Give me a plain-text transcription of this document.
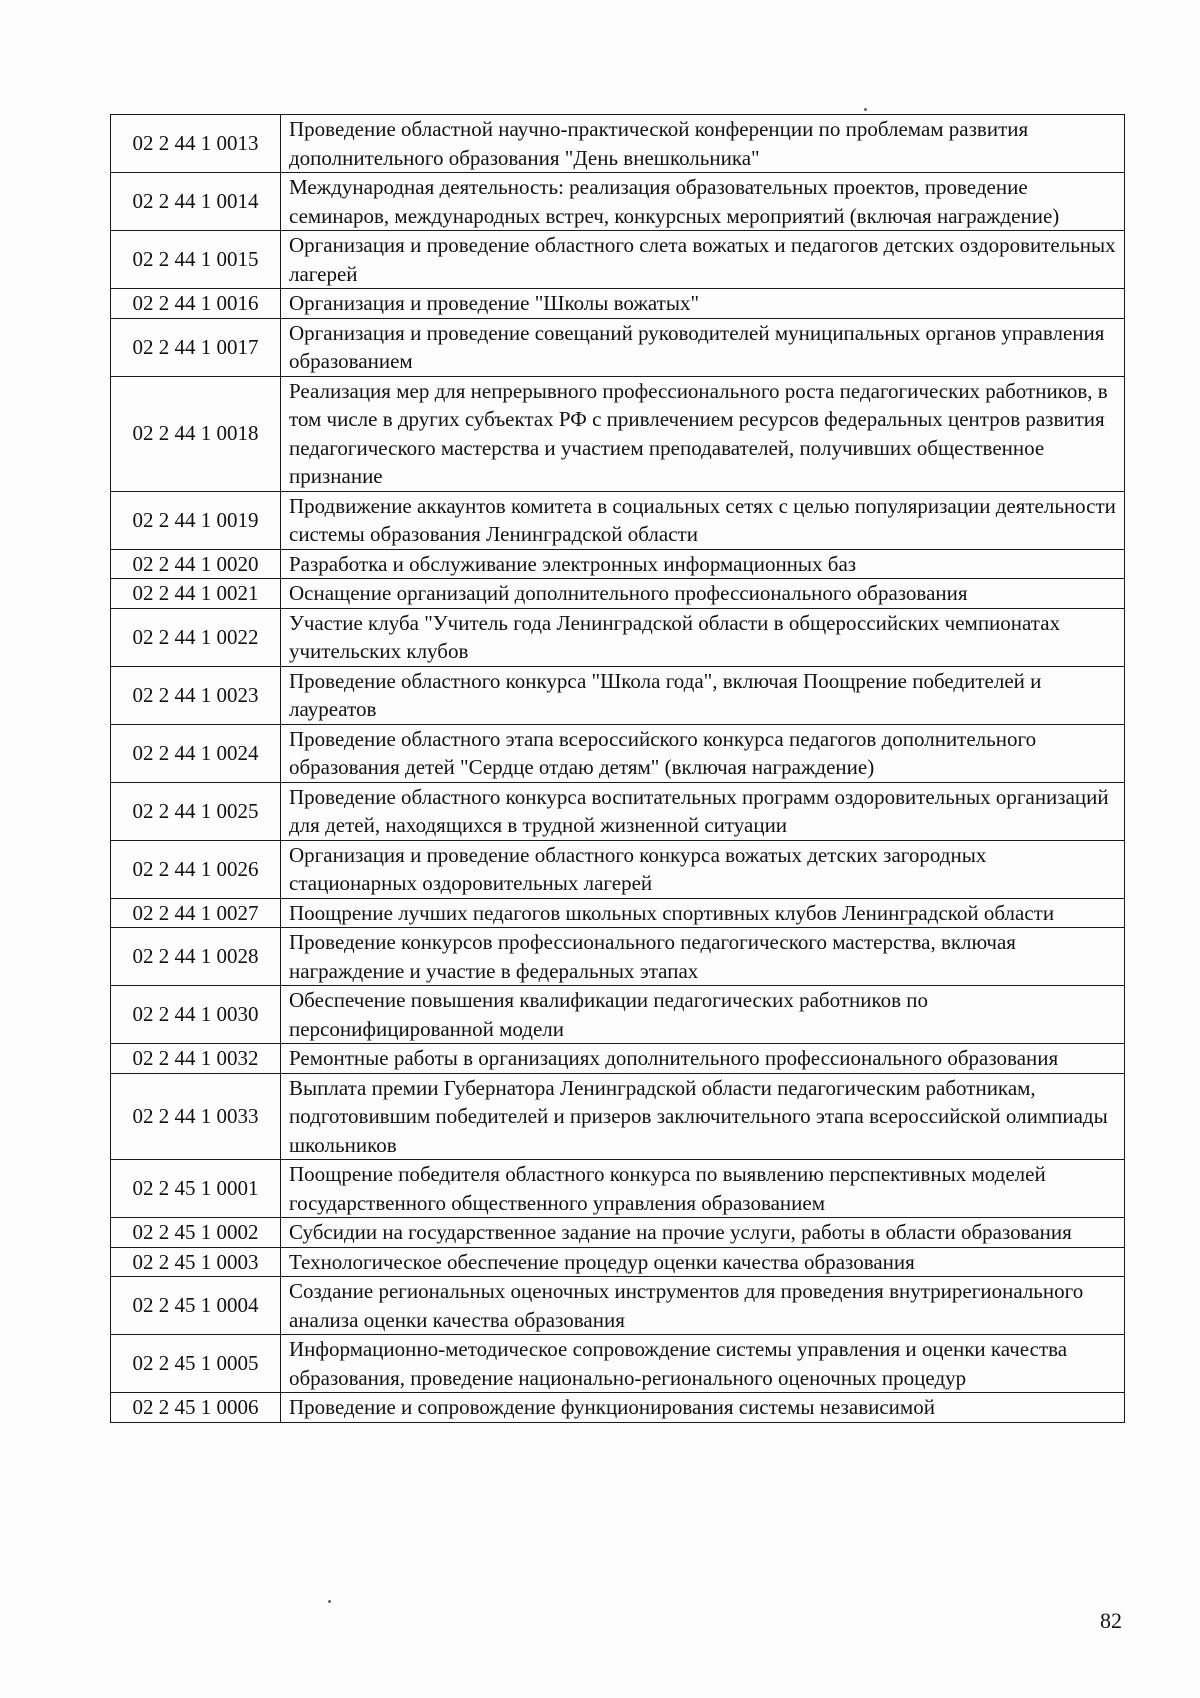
02 2 44 1 0013	Проведение областной научно-практической конференции по проблемам развития дополнительного образования "День внешкольника"
02 2 44 1 0014	Международная деятельность: реализация образовательных проектов, проведение семинаров, международных встреч, конкурсных мероприятий (включая награждение)
02 2 44 1 0015	Организация и проведение областного слета вожатых и педагогов детских оздоровительных лагерей
02 2 44 1 0016	Организация и проведение "Школы вожатых"
02 2 44 1 0017	Организация и проведение совещаний руководителей муниципальных органов управления образованием
02 2 44 1 0018	Реализация мер для непрерывного профессионального роста педагогических работников, в том числе в других субъектах РФ с привлечением ресурсов федеральных центров развития педагогического мастерства и участием преподавателей, получивших общественное признание
02 2 44 1 0019	Продвижение аккаунтов комитета в социальных сетях с целью популяризации деятельности системы образования Ленинградской области
02 2 44 1 0020	Разработка и обслуживание электронных информационных баз
02 2 44 1 0021	Оснащение организаций дополнительного профессионального образования
02 2 44 1 0022	Участие клуба "Учитель года Ленинградской области в общероссийских чемпионатах учительских клубов
02 2 44 1 0023	Проведение областного конкурса "Школа года", включая Поощрение победителей и лауреатов
02 2 44 1 0024	Проведение областного этапа всероссийского конкурса педагогов дополнительного образования детей "Сердце отдаю детям" (включая награждение)
02 2 44 1 0025	Проведение областного конкурса воспитательных программ оздоровительных организаций для детей, находящихся в трудной жизненной ситуации
02 2 44 1 0026	Организация и проведение областного конкурса вожатых детских загородных стационарных оздоровительных лагерей
02 2 44 1 0027	Поощрение лучших педагогов школьных спортивных клубов Ленинградской области
02 2 44 1 0028	Проведение конкурсов профессионального педагогического мастерства, включая награждение и участие в федеральных этапах
02 2 44 1 0030	Обеспечение повышения квалификации педагогических работников по персонифицированной модели
02 2 44 1 0032	Ремонтные работы в организациях дополнительного профессионального образования
02 2 44 1 0033	Выплата премии Губернатора Ленинградской области педагогическим работникам, подготовившим победителей и призеров заключительного этапа всероссийской олимпиады школьников
02 2 45 1 0001	Поощрение победителя областного конкурса по выявлению перспективных моделей государственного общественного управления образованием
02 2 45 1 0002	Субсидии на государственное задание на прочие услуги, работы в области образования
02 2 45 1 0003	Технологическое обеспечение процедур оценки качества образования
02 2 45 1 0004	Создание региональных оценочных инструментов для проведения внутрирегионального анализа оценки качества образования
02 2 45 1 0005	Информационно-методическое сопровождение системы управления и оценки качества образования, проведение национально-регионального оценочных процедур
02 2 45 1 0006	Проведение и сопровождение функционирования системы независимой
82
